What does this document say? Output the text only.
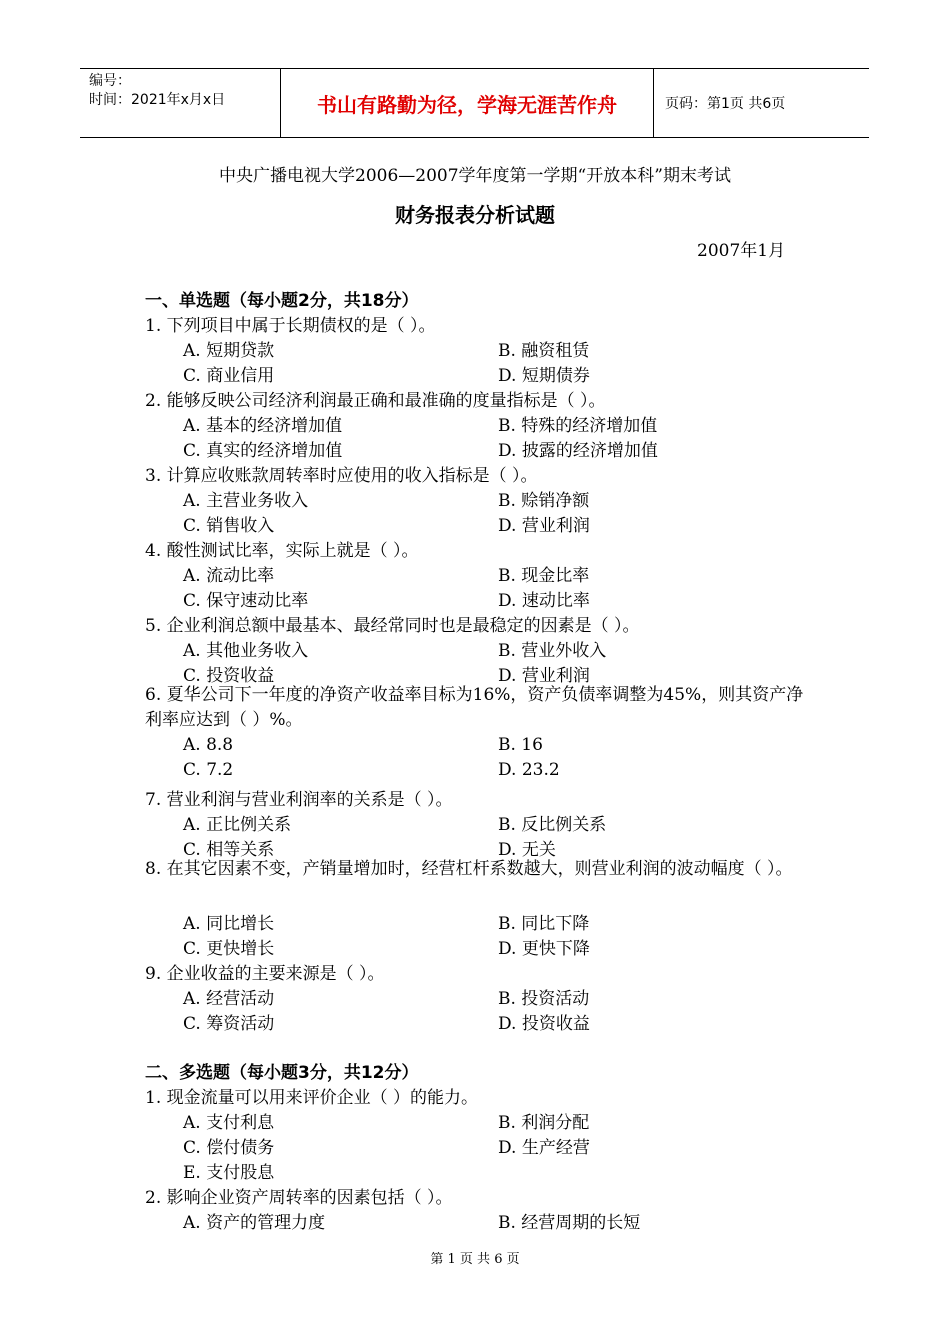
编号：
时间：2021年x月x日	书山有路勤为径，学海无涯苦作舟	页码：第1页 共6页
中央广播电视大学2006—2007学年度第一学期“开放本科”期末考试
财务报表分析试题
2007年1月
一、单选题（每小题2分，共18分）
1. 下列项目中属于长期债权的是（ ）。
A. 短期贷款	B. 融资租赁
C. 商业信用	D. 短期债券
2. 能够反映公司经济利润最正确和最准确的度量指标是（ ）。
A. 基本的经济增加值	B. 特殊的经济增加值
C. 真实的经济增加值	D. 披露的经济增加值
3. 计算应收账款周转率时应使用的收入指标是（ ）。
A. 主营业务收入	B. 赊销净额
C. 销售收入	D. 营业利润
4. 酸性测试比率，实际上就是（ ）。
A. 流动比率	B. 现金比率
C. 保守速动比率	D. 速动比率
5. 企业利润总额中最基本、最经常同时也是最稳定的因素是（ ）。
A. 其他业务收入	B. 营业外收入
C. 投资收益	D. 营业利润
6. 夏华公司下一年度的净资产收益率目标为16%，资产负债率调整为45%，则其资产净利率应达到（ ）%。
A. 8.8	B. 16
C. 7.2	D. 23.2
7. 营业利润与营业利润率的关系是（ ）。
A. 正比例关系	B. 反比例关系
C. 相等关系	D. 无关
8. 在其它因素不变，产销量增加时，经营杠杆系数越大，则营业利润的波动幅度（ ）。
A. 同比增长	B. 同比下降
C. 更快增长	D. 更快下降
9. 企业收益的主要来源是（ ）。
A. 经营活动	B. 投资活动
C. 筹资活动	D. 投资收益
二、多选题（每小题3分，共12分）
1. 现金流量可以用来评价企业（ ）的能力。
A. 支付利息	B. 利润分配
C. 偿付债务	D. 生产经营
E. 支付股息
2. 影响企业资产周转率的因素包括（ ）。
A. 资产的管理力度	B. 经营周期的长短
第 1 页 共 6 页
